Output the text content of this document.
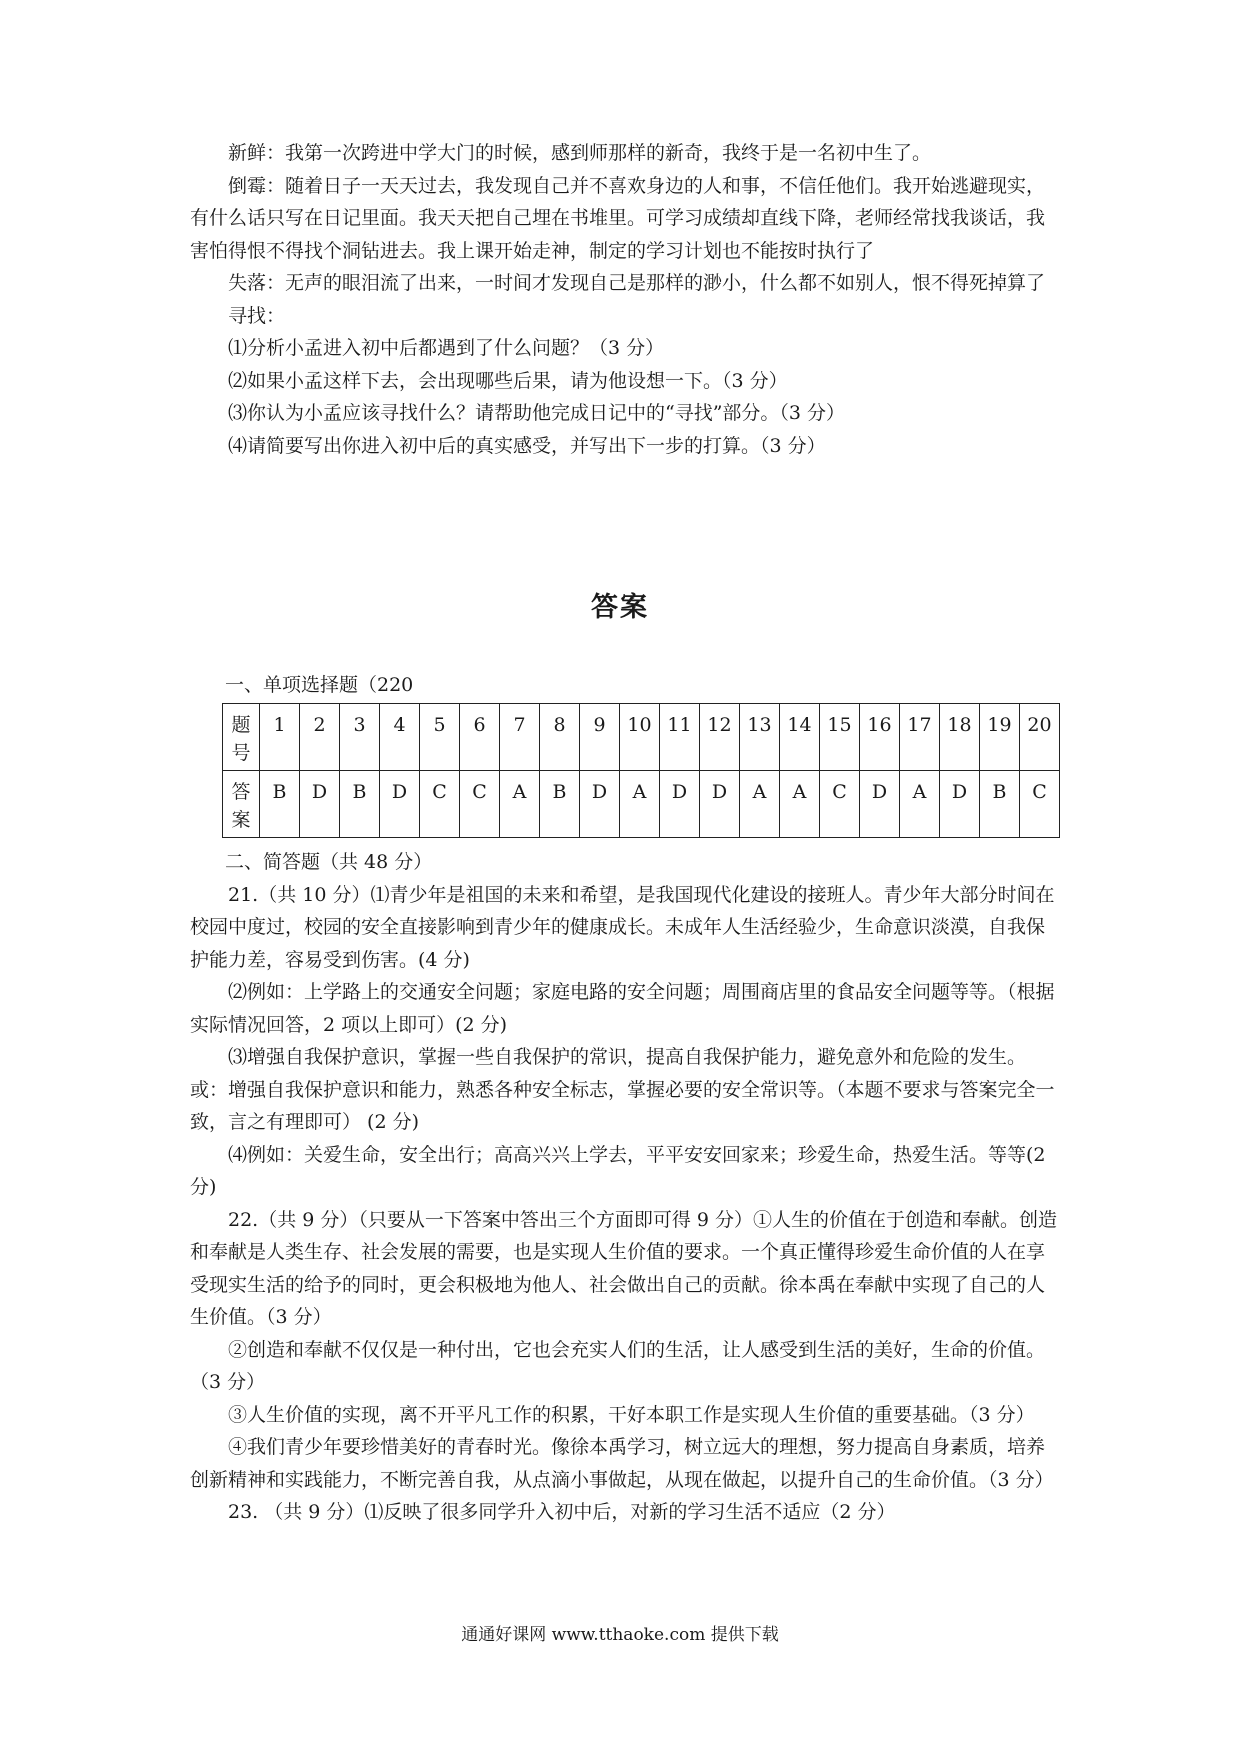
新鲜：我第一次跨进中学大门的时候，感到师那样的新奇，我终于是一名初中生了。

倒霉：随着日子一天天过去，我发现自己并不喜欢身边的人和事，不信任他们。我开始逃避现实，有什么话只写在日记里面。我天天把自己埋在书堆里。可学习成绩却直线下降，老师经常找我谈话，我害怕得恨不得找个洞钻进去。我上课开始走神，制定的学习计划也不能按时执行了

失落：无声的眼泪流了出来，一时间才发现自己是那样的渺小，什么都不如别人，恨不得死掉算了

寻找：

⑴分析小孟进入初中后都遇到了什么问题？（3 分）

⑵如果小孟这样下去，会出现哪些后果，请为他设想一下。（3 分）

⑶你认为小孟应该寻找什么？请帮助他完成日记中的“寻找”部分。（3 分）

⑷请简要写出你进入初中后的真实感受，并写出下一步的打算。（3 分）

答案
一、单项选择题（220
题号	1	2	3	4	5	6	7	8	9	10	11	12	13	14	15	16	17	18	19	20
答案	B	D	B	D	C	C	A	B	D	A	D	D	A	A	C	D	A	D	B	C

二、简答题（共 48 分）

21.（共 10 分）⑴青少年是祖国的未来和希望，是我国现代化建设的接班人。青少年大部分时间在校园中度过，校园的安全直接影响到青少年的健康成长。未成年人生活经验少，生命意识淡漠，自我保护能力差，容易受到伤害。(4 分)

⑵例如：上学路上的交通安全问题；家庭电路的安全问题；周围商店里的食品安全问题等等。（根据实际情况回答，2 项以上即可）(2 分)

⑶增强自我保护意识，掌握一些自我保护的常识，提高自我保护能力，避免意外和危险的发生。 或：增强自我保护意识和能力，熟悉各种安全标志，掌握必要的安全常识等。（本题不要求与答案完全一致，言之有理即可） (2 分)

⑷例如：关爱生命，安全出行；高高兴兴上学去，平平安安回家来；珍爱生命，热爱生活。等等(2 分)

22.（共 9 分）（只要从一下答案中答出三个方面即可得 9 分）①人生的价值在于创造和奉献。创造和奉献是人类生存、社会发展的需要，也是实现人生价值的要求。一个真正懂得珍爱生命价值的人在享受现实生活的给予的同时，更会积极地为他人、社会做出自己的贡献。徐本禹在奉献中实现了自己的人生价值。（3 分）

②创造和奉献不仅仅是一种付出，它也会充实人们的生活，让人感受到生活的美好，生命的价值。（3 分）

③人生价值的实现，离不开平凡工作的积累，干好本职工作是实现人生价值的重要基础。（3 分）

④我们青少年要珍惜美好的青春时光。像徐本禹学习，树立远大的理想，努力提高自身素质，培养创新精神和实践能力，不断完善自我，从点滴小事做起，从现在做起，以提升自己的生命价值。（3 分）

23. （共 9 分）⑴反映了很多同学升入初中后，对新的学习生活不适应（2 分）

通通好课网 www.tthaoke.com 提供下载
